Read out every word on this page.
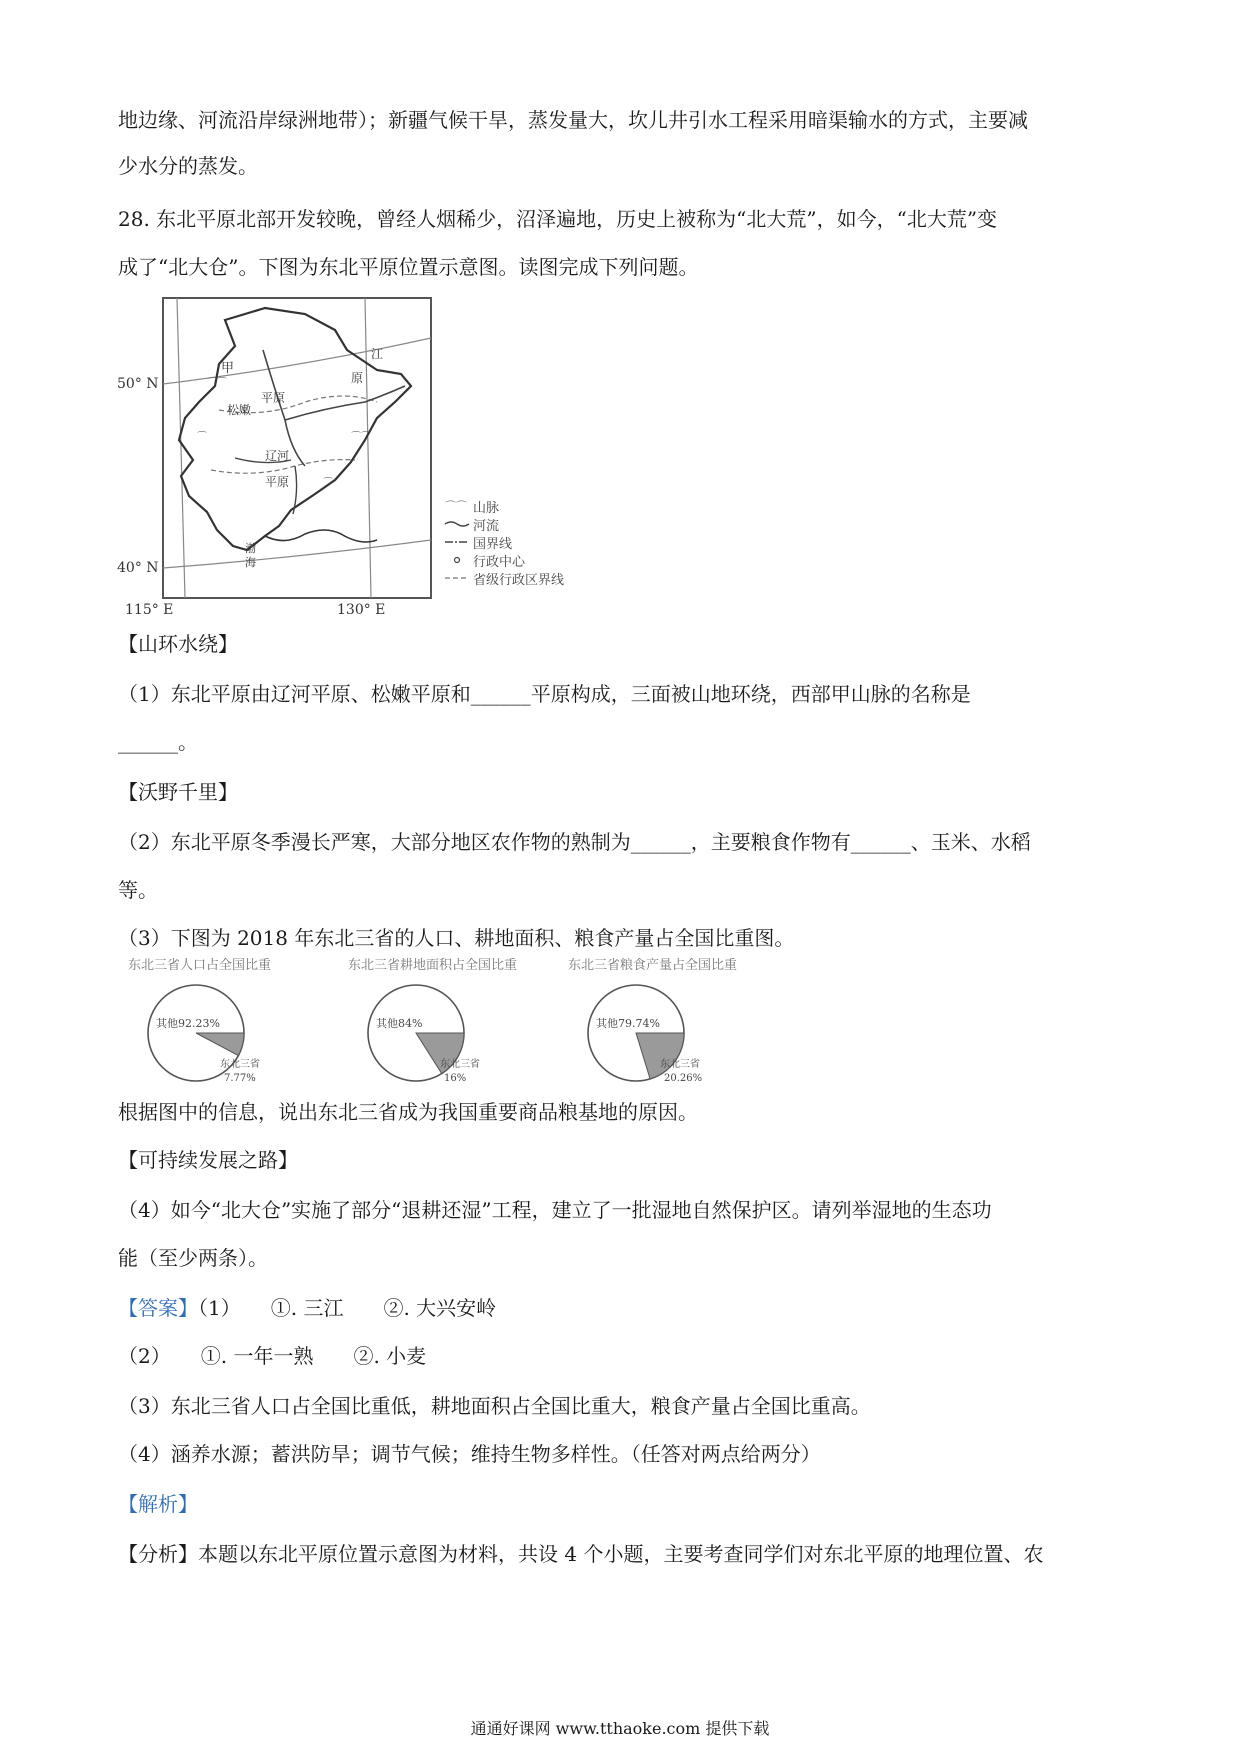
地边缘、河流沿岸绿洲地带）；新疆气候干旱，蒸发量大，坎儿井引水工程采用暗渠输水的方式，主要减
少水分的蒸发。
28. 东北平原北部开发较晚，曾经人烟稀少，沼泽遍地，历史上被称为“北大荒”，如今，“北大荒”变
成了“北大仓”。下图为东北平原位置示意图。读图完成下列问题。
⌒⌒
⌒	⌒⌒
⌒
甲
松嫩
平原
辽河
平原
江
原
渤
海
50° N
40° N
115° E	130° E
⌒⌒ 山脉
河流
国界线
行政中心
省级行政区界线
【山环水绕】
（1）东北平原由辽河平原、松嫩平原和______平原构成，三面被山地环绕，西部甲山脉的名称是
______。
【沃野千里】
（2）东北平原冬季漫长严寒，大部分地区农作物的熟制为______，主要粮食作物有______、玉米、水稻
等。
（3）下图为 2018 年东北三省的人口、耕地面积、粮食产量占全国比重图。
东北三省人口占全国比重
其他92.23%
东北三省
7.77%
东北三省耕地面积占全国比重
其他84%
东北三省
16%
东北三省粮食产量占全国比重
其他79.74%
东北三省
20.26%
根据图中的信息，说出东北三省成为我国重要商品粮基地的原因。
【可持续发展之路】
（4）如今“北大仓”实施了部分“退耕还湿”工程，建立了一批湿地自然保护区。请列举湿地的生态功
能（至少两条）。
【答案】（1）　　①. 三江　　②. 大兴安岭
（2）　　①. 一年一熟　　②. 小麦
（3）东北三省人口占全国比重低，耕地面积占全国比重大，粮食产量占全国比重高。
（4）涵养水源；蓄洪防旱；调节气候；维持生物多样性。（任答对两点给两分）
【解析】
【分析】本题以东北平原位置示意图为材料，共设 4 个小题，主要考查同学们对东北平原的地理位置、农
通通好课网 www.tthaoke.com 提供下载
